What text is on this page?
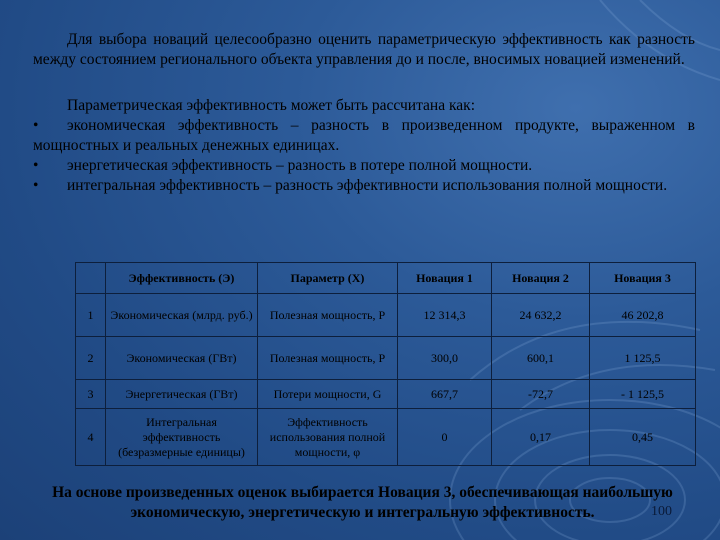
Для выбора новаций целесообразно оценить параметрическую эффективность как разность между состоянием регионального объекта управления до и после, вносимых новацией изменений.

Параметрическая эффективность может быть рассчитана как:

• экономическая эффективность – разность в произведенном продукте, выраженном в мощностных и реальных денежных единицах.

• энергетическая эффективность – разность в потере полной мощности.

• интегральная эффективность – разность эффективности использования полной мощности.

	Эффективность (Э)	Параметр (X)	Новация 1	Новация 2	Новация 3
1	Экономическая (млрд. руб.)	Полезная мощность, P	12 314,3	24 632,2	46 202,8
2	Экономическая (ГВт)	Полезная мощность, P	300,0	600,1	1 125,5
3	Энергетическая (ГВт)	Потери мощности, G	667,7	-72,7	- 1 125,5
4	Интегральная эффективность (безразмерные единицы)	Эффективность использования полной мощности, φ	0	0,17	0,45
На основе произведенных оценок выбирается Новация 3, обеспечивающая наибольшую экономическую, энергетическую и интегральную эффективность.	100
